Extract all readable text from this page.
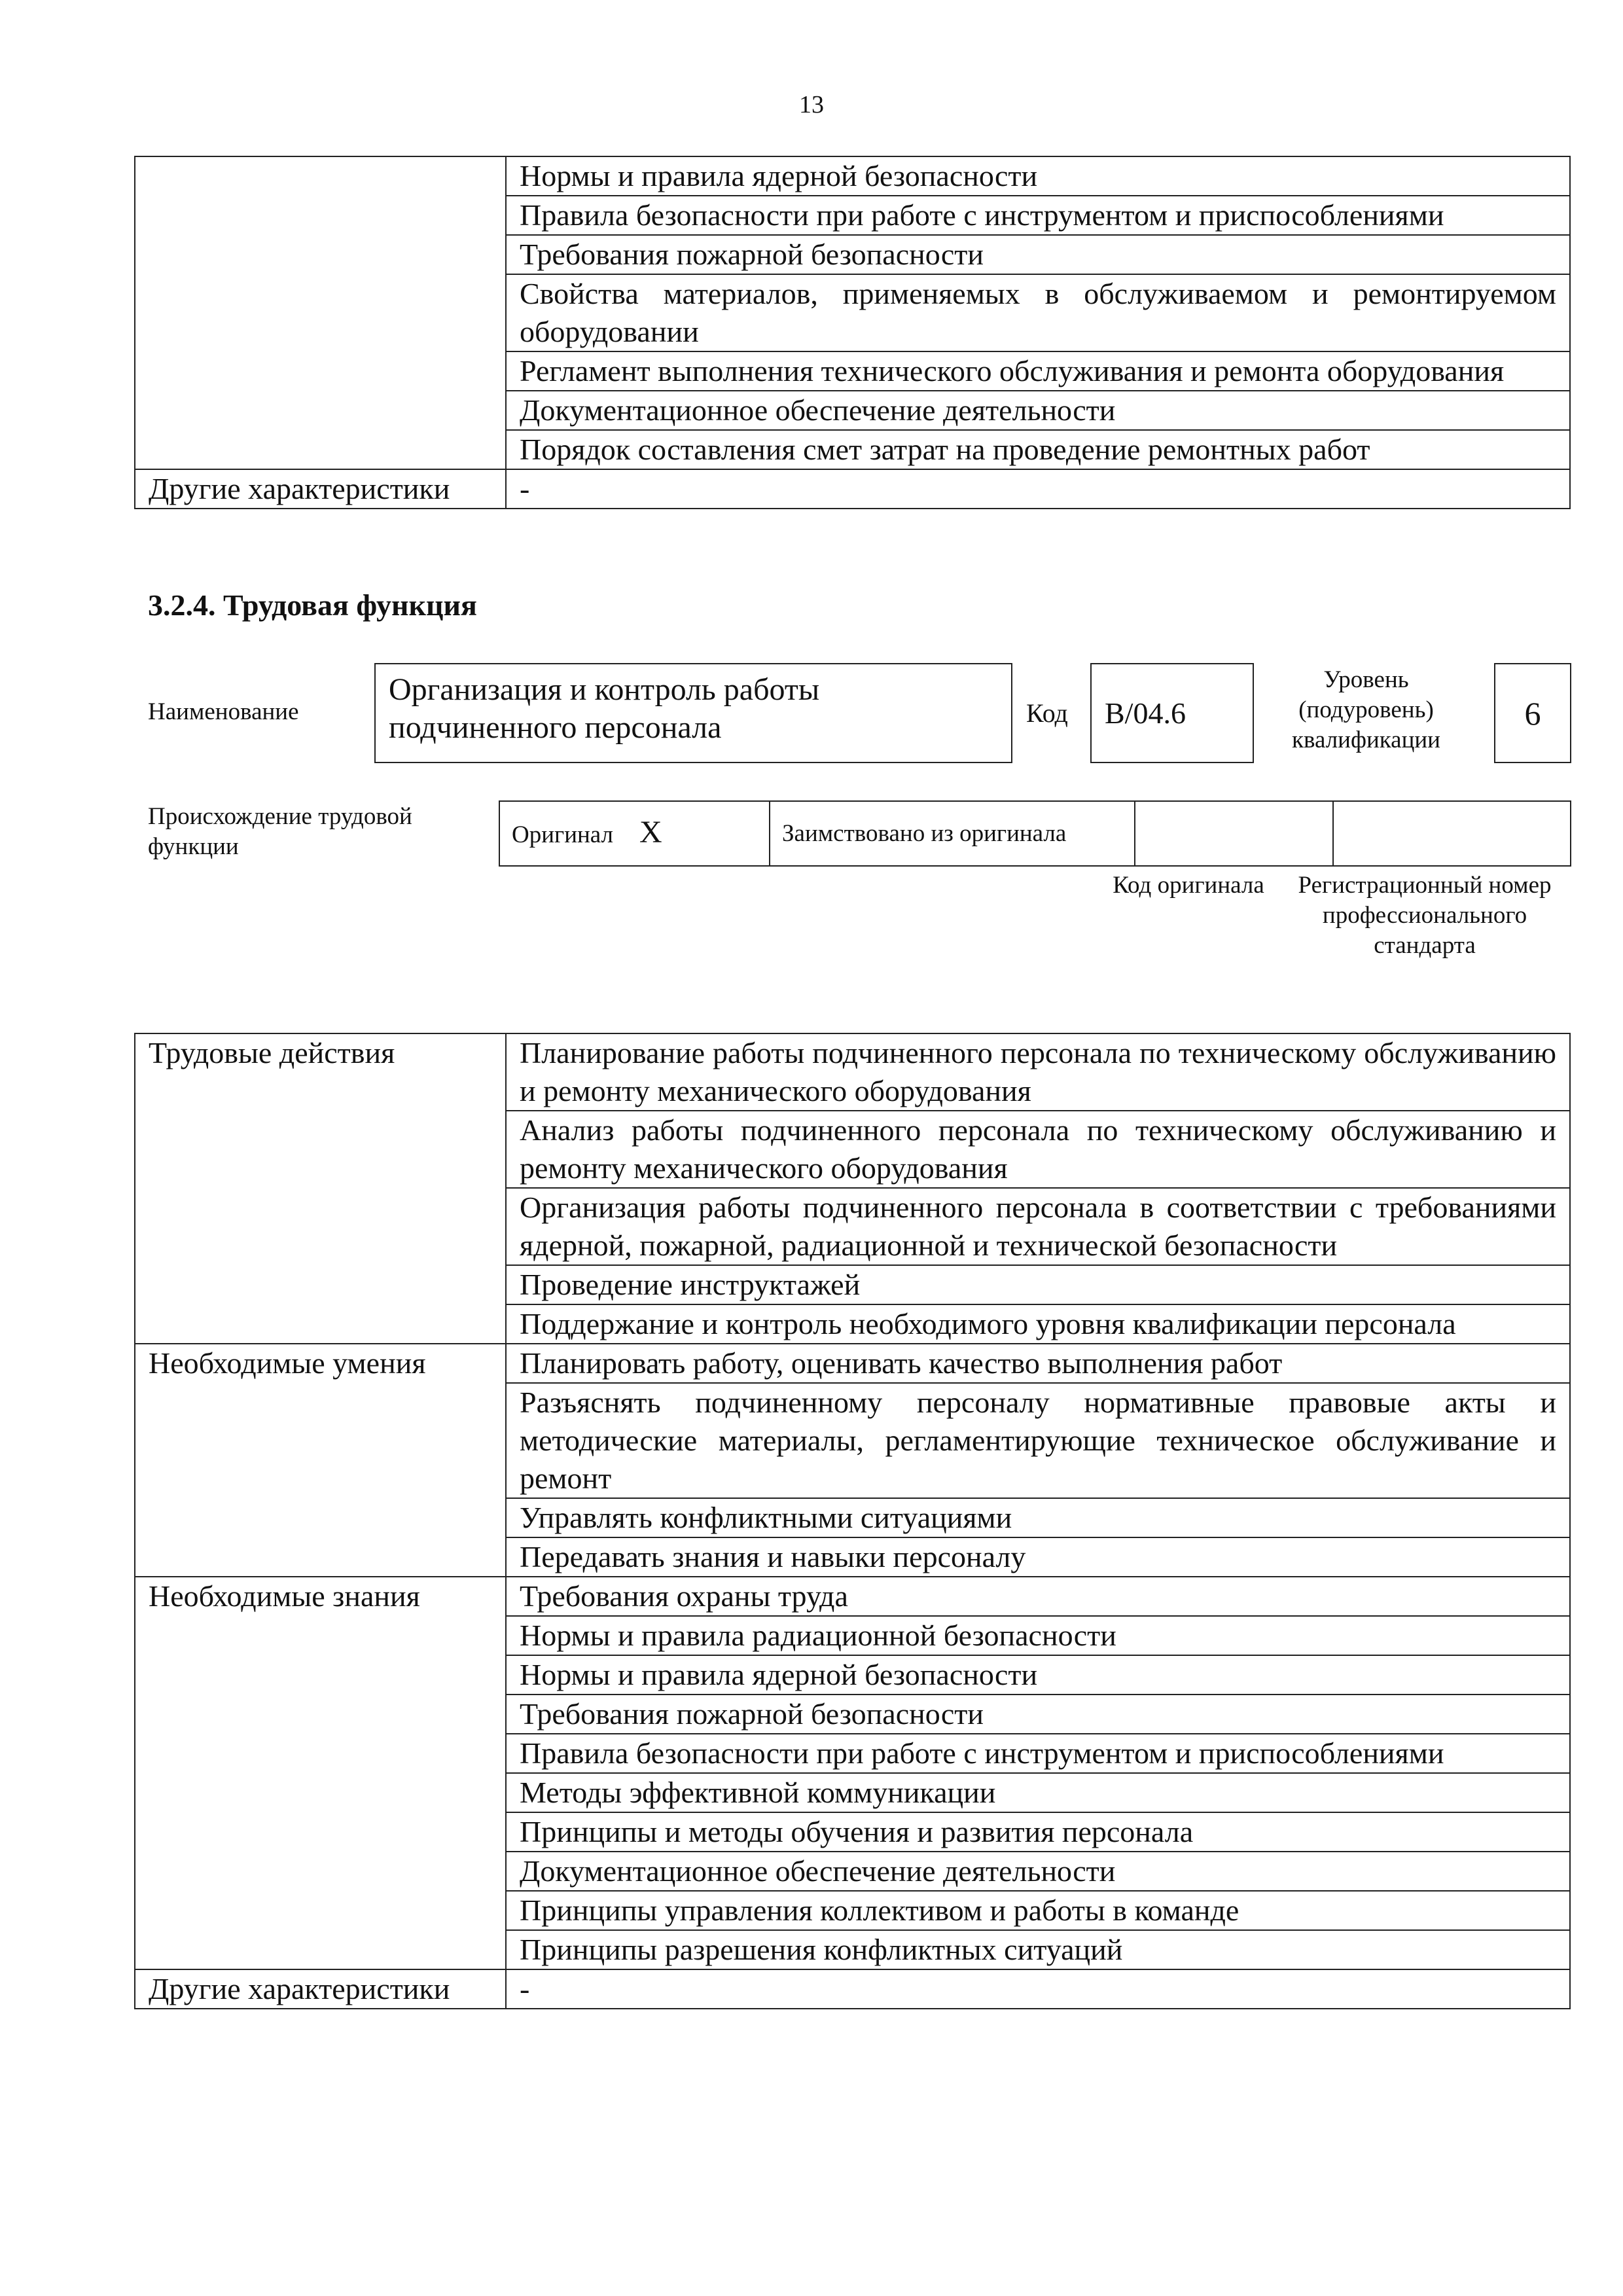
13
	Нормы и правила ядерной безопасности
	Правила безопасности при работе с инструментом и приспособлениями
	Требования пожарной безопасности
	Свойства материалов, применяемых в обслуживаемом и ремонтируемом оборудовании
	Регламент выполнения технического обслуживания и ремонта оборудования
	Документационное обеспечение деятельности
	Порядок составления смет затрат на проведение ремонтных работ
Другие характеристики	-
3.2.4. Трудовая функция
Наименование
Организация и контроль работы подчиненного персонала	Код	B/04.6
Уровень (подуровень) квалификации
6
Происхождение трудовой функции	Оригинал X	Заимствовано из оригинала		
Код оригинала	Регистрационный номер профессионального стандарта
Трудовые действия	Планирование работы подчиненного персонала по техническому обслуживанию и ремонту механического оборудования
	Анализ работы подчиненного персонала по техническому обслуживанию и ремонту механического оборудования
	Организация работы подчиненного персонала в соответствии с требованиями ядерной, пожарной, радиационной и технической безопасности
	Проведение инструктажей
	Поддержание и контроль необходимого уровня квалификации персонала
Необходимые умения	Планировать работу, оценивать качество выполнения работ
	Разъяснять подчиненному персоналу нормативные правовые акты и методические материалы, регламентирующие техническое обслуживание и ремонт
	Управлять конфликтными ситуациями
	Передавать знания и навыки персоналу
Необходимые знания	Требования охраны труда
	Нормы и правила радиационной безопасности
	Нормы и правила ядерной безопасности
	Требования пожарной безопасности
	Правила безопасности при работе с инструментом и приспособлениями
	Методы эффективной коммуникации
	Принципы и методы обучения и развития персонала
	Документационное обеспечение деятельности
	Принципы управления коллективом и работы в команде
	Принципы разрешения конфликтных ситуаций
Другие характеристики	-
